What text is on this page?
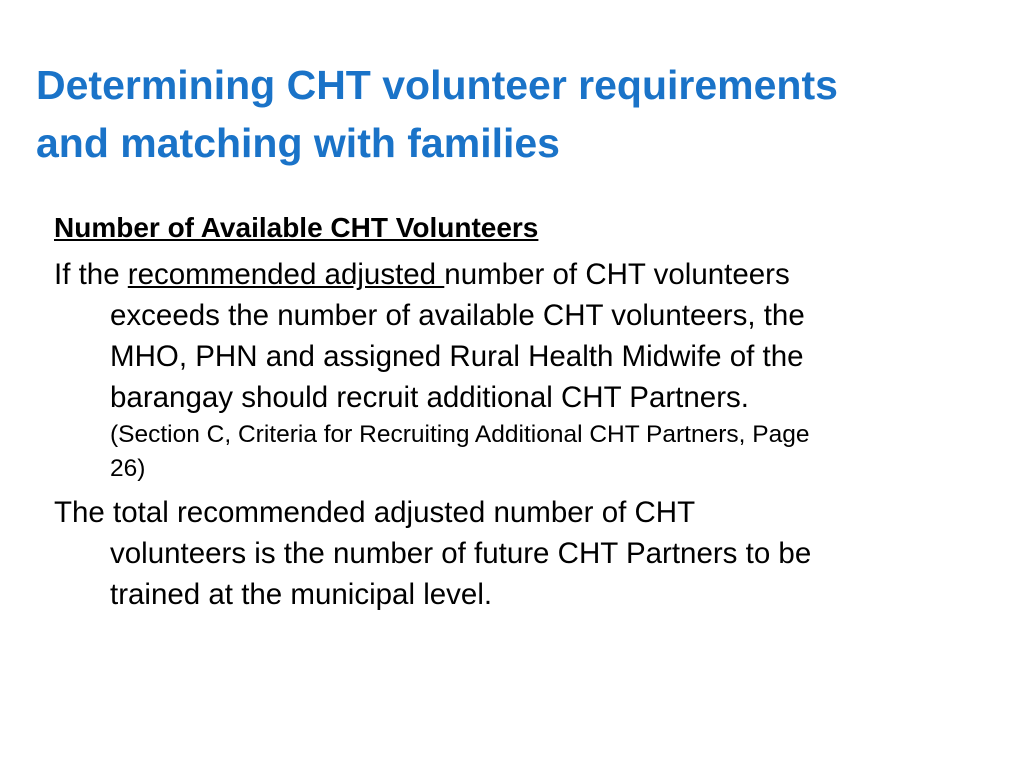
Determining CHT volunteer requirements
and matching with families

Number of Available CHT Volunteers

If the recommended adjusted number of CHT volunteers
exceeds the number of available CHT volunteers, the
MHO, PHN and assigned Rural Health Midwife of the
barangay should recruit additional CHT Partners.
(Section C, Criteria for Recruiting Additional CHT Partners, Page
26)
The total recommended adjusted number of CHT
volunteers is the number of future CHT Partners to be
trained at the municipal level.
